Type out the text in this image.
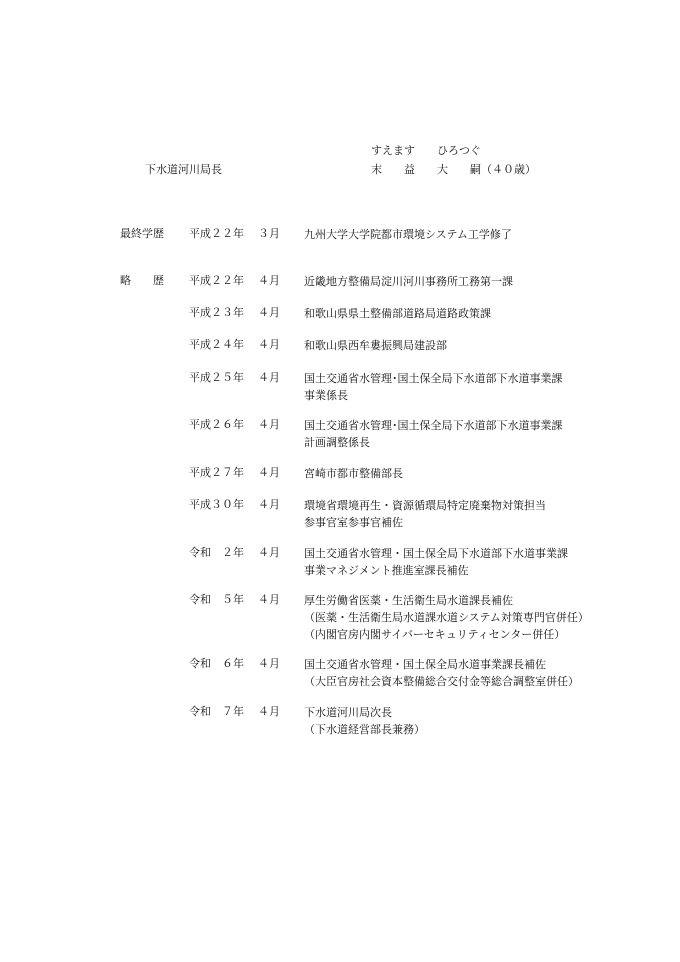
すえます　　ひろつぐ
下水道河川局長	末　　益　　大　　嗣（４０歳）
最終学歴 平成２２年 ３月 九州大学大学院都市環境システム工学修了
略　　歴 平成２２年 ４月 近畿地方整備局淀川河川事務所工務第一課
平成２３年 ４月 和歌山県県土整備部道路局道路政策課
平成２４年 ４月 和歌山県西牟婁振興局建設部
平成２５年 ４月 国土交通省水管理･国土保全局下水道部下水道事業課
事業係長
平成２６年 ４月 国土交通省水管理･国土保全局下水道部下水道事業課
計画調整係長
平成２７年 ４月 宮崎市都市整備部長
平成３０年 ４月 環境省環境再生・資源循環局特定廃棄物対策担当
参事官室参事官補佐
令和　２年 ４月 国土交通省水管理・国土保全局下水道部下水道事業課
事業マネジメント推進室課長補佐
令和　５年 ４月 厚生労働省医薬・生活衛生局水道課長補佐
（医薬・生活衛生局水道課水道システム対策専門官併任）
（内閣官房内閣サイバーセキュリティセンター併任）
令和　６年 ４月 国土交通省水管理・国土保全局水道事業課長補佐
（大臣官房社会資本整備総合交付金等総合調整室併任）
令和　７年 ４月 下水道河川局次長
（下水道経営部長兼務）
